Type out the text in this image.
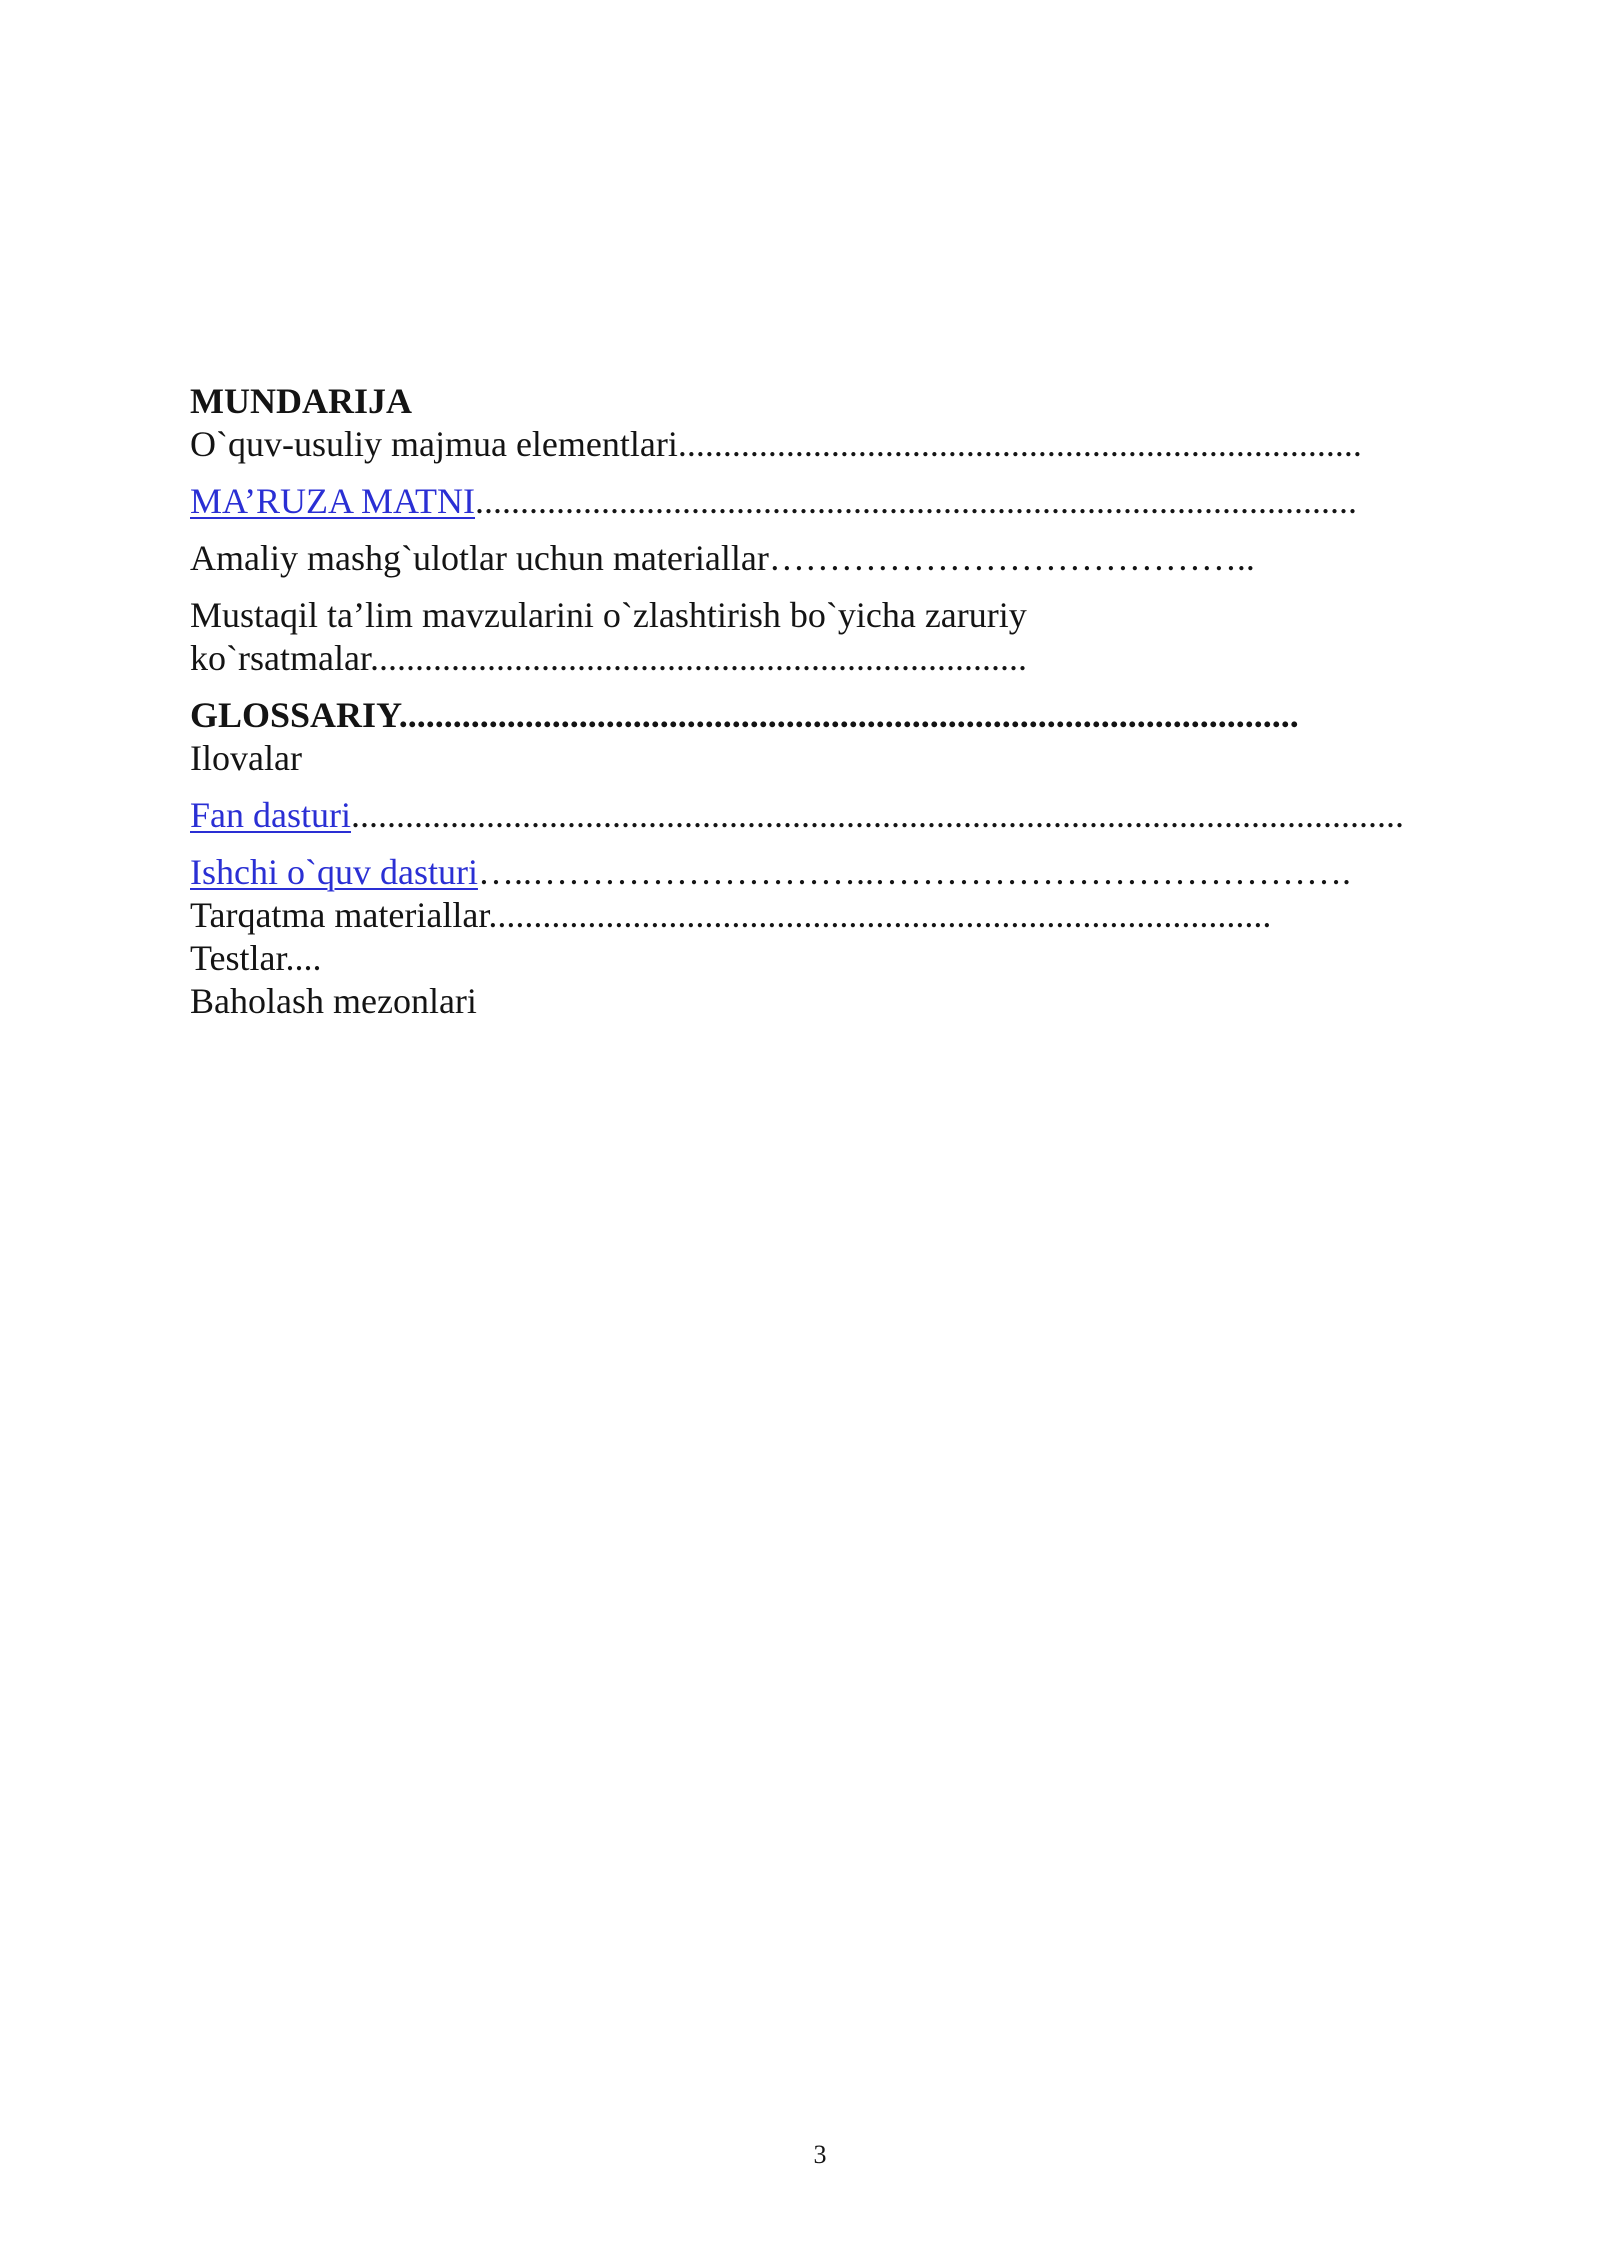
MUNDARIJA
O`quv-usuliy majmua elementlari............................................................................
MA’RUZA MATNI..................................................................................................
Amaliy mashg`ulotlar uchun materiallar…………………………………..
Mustaqil ta’lim mavzularini o`zlashtirish bo`yicha zaruriy
ko`rsatmalar.........................................................................
GLOSSARIY....................................................................................................
Ilovalar
Fan dasturi.....................................................................................................................
Ishchi o`quv dasturi…..………………………..………………………………….
Tarqatma materiallar.......................................................................................
Testlar....
Baholash mezonlari
3
